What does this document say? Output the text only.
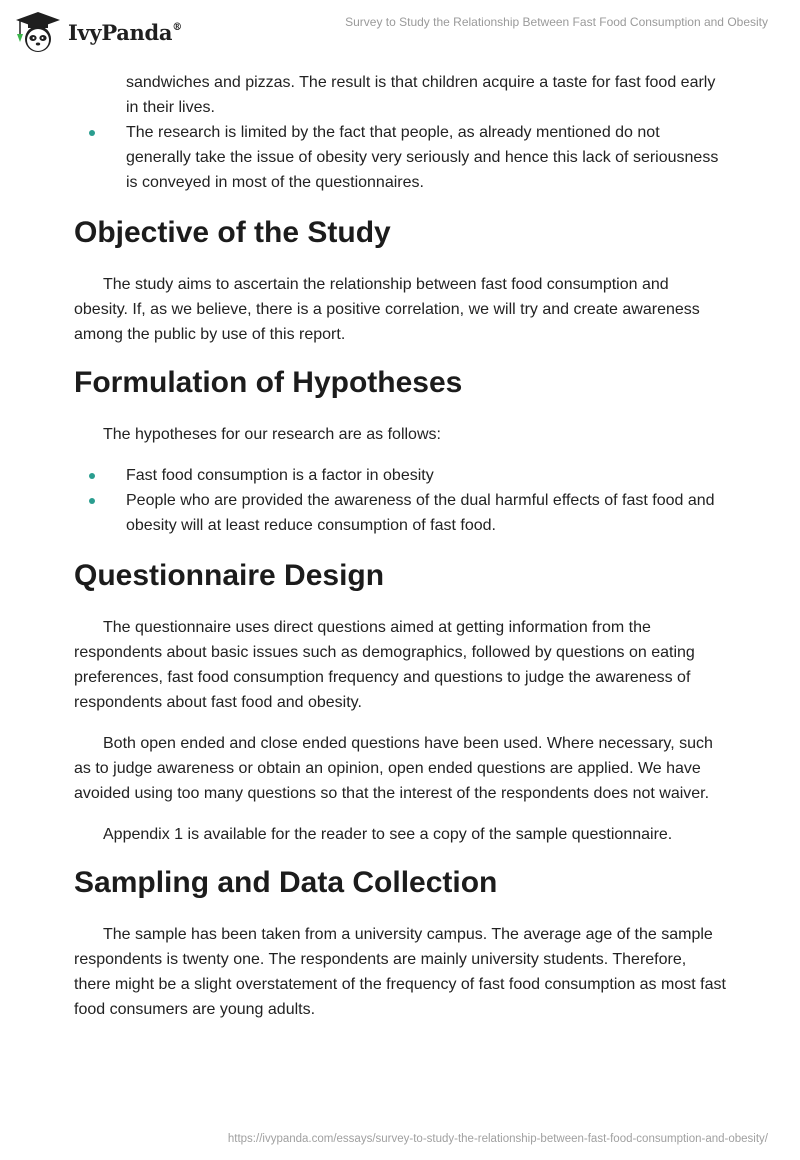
IvyPanda®	Survey to Study the Relationship Between Fast Food Consumption and Obesity
sandwiches and pizzas. The result is that children acquire a taste for fast food early in their lives.
The research is limited by the fact that people, as already mentioned do not generally take the issue of obesity very seriously and hence this lack of seriousness is conveyed in most of the questionnaires.
Objective of the Study

The study aims to ascertain the relationship between fast food consumption and obesity. If, as we believe, there is a positive correlation, we will try and create awareness among the public by use of this report.

Formulation of Hypotheses

The hypotheses for our research are as follows:

Fast food consumption is a factor in obesity
People who are provided the awareness of the dual harmful effects of fast food and obesity will at least reduce consumption of fast food.
Questionnaire Design

The questionnaire uses direct questions aimed at getting information from the respondents about basic issues such as demographics, followed by questions on eating preferences, fast food consumption frequency and questions to judge the awareness of respondents about fast food and obesity.

Both open ended and close ended questions have been used. Where necessary, such as to judge awareness or obtain an opinion, open ended questions are applied. We have avoided using too many questions so that the interest of the respondents does not waiver.

Appendix 1 is available for the reader to see a copy of the sample questionnaire.

Sampling and Data Collection

The sample has been taken from a university campus. The average age of the sample respondents is twenty one. The respondents are mainly university students. Therefore, there might be a slight overstatement of the frequency of fast food consumption as most fast food consumers are young adults.

https://ivypanda.com/essays/survey-to-study-the-relationship-between-fast-food-consumption-and-obesity/
